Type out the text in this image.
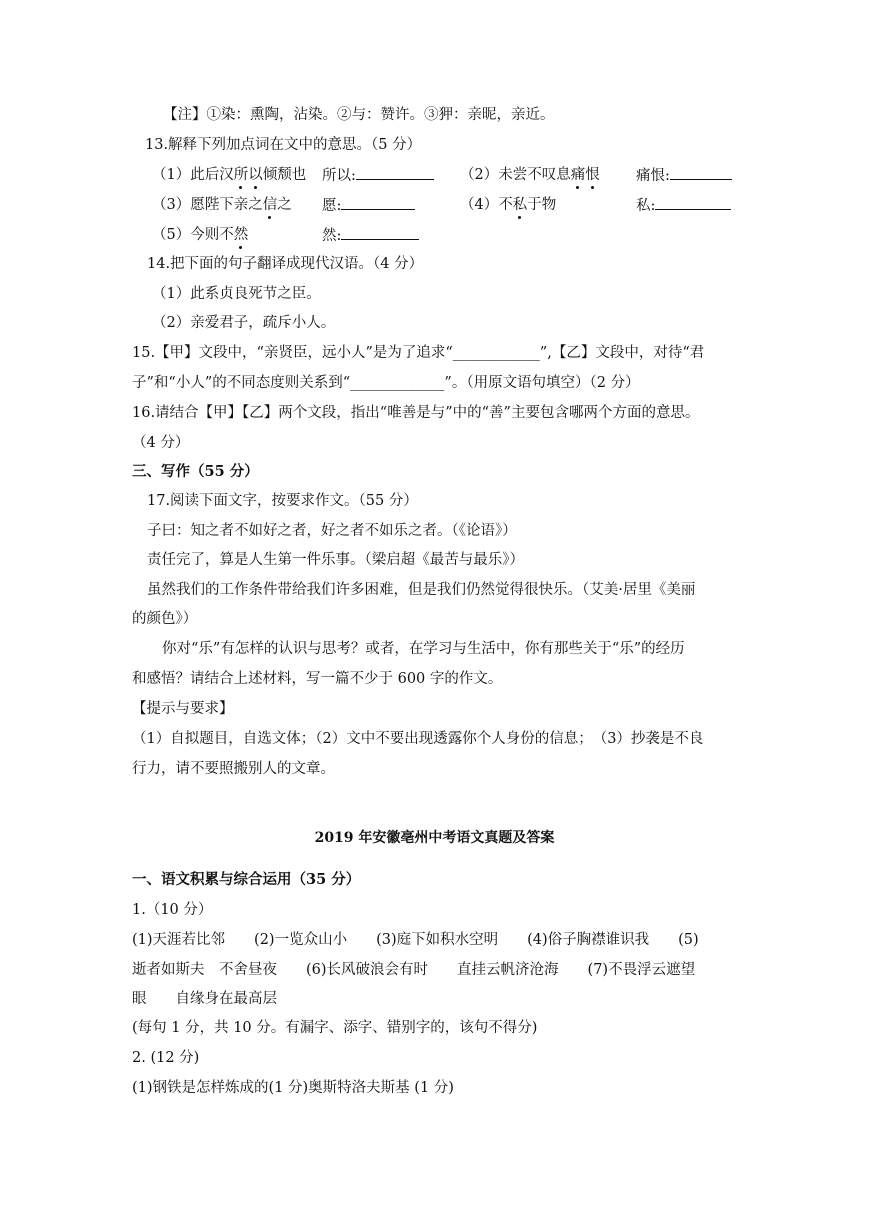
【注】①染：熏陶，沾染。②与：赞许。③狎：亲昵，亲近。
13.解释下列加点词在文中的意思。（5 分）
（1）此后汉所以倾颓也 所以:	（2）未尝不叹息痛恨	痛恨:
（3）愿陛下亲之信之 愿:	（4）不私于物	私:
（5）今则不然	然:
14.把下面的句子翻译成现代汉语。（4 分）
（1）此系贞良死节之臣。
（2）亲爱君子，疏斥小人。
15.【甲】文段中，“亲贤臣，远小人”是为了追求“____________”,【乙】文段中，对待“君
子”和“小人”的不同态度则关系到“_____________”。（用原文语句填空）（2 分）
16.请结合【甲】【乙】两个文段，指出“唯善是与”中的“善”主要包含哪两个方面的意思。
（4 分）
三、写作（55 分）
17.阅读下面文字，按要求作文。（55 分）
子曰：知之者不如好之者，好之者不如乐之者。（《论语》）
责任完了，算是人生第一件乐事。（梁启超《最苦与最乐》）
虽然我们的工作条件带给我们许多困难，但是我们仍然觉得很快乐。（艾美·居里《美丽
的颜色》）
你对“乐”有怎样的认识与思考？或者，在学习与生活中，你有那些关于“乐”的经历
和感悟？请结合上述材料，写一篇不少于 600 字的作文。
【提示与要求】
（1）自拟题目，自选文体；（2）文中不要出现透露你个人身份的信息；　（3）抄袭是不良
行力，请不要照搬别人的文章。
2019 年安徽亳州中考语文真题及答案
一、语文积累与综合运用（35 分）
1.（10 分）
(1)天涯若比邻　　(2)一览众山小　　(3)庭下如积水空明　　(4)俗子胸襟谁识我　　(5)
逝者如斯夫　不舍昼夜　　(6)长风破浪会有时　　直挂云帆济沧海　　(7)不畏浮云遮望
眼　　自缘身在最高层
(每句 1 分，共 10 分。有漏字、添字、错别字的，该句不得分)
2. (12 分)
(1)钢铁是怎样炼成的(1 分)奥斯特洛夫斯基 (1 分)
